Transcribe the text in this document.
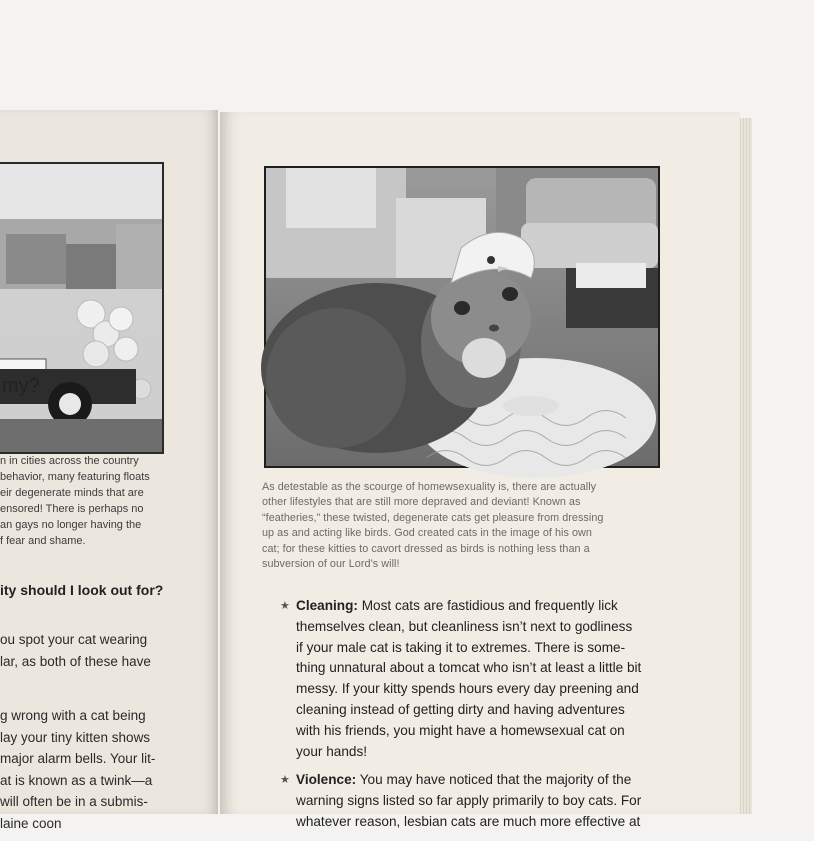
my?
n in cities across the country
behavior, many featuring floats
eir degenerate minds that are
ensored! There is perhaps no
an gays no longer having the
f fear and shame.
ity should I look out for?
ou spot your cat wearing
lar, as both of these have
g wrong with a cat being
lay your tiny kitten shows
major alarm bells. Your lit-
at is known as a twink—a
will often be in a submis-
laine coon
As detestable as the scourge of homewsexuality is, there are actually
other lifestyles that are still more depraved and deviant! Known as
“featheries,” these twisted, degenerate cats get pleasure from dressing
up as and acting like birds. God created cats in the image of his own
cat; for these kitties to cavort dressed as birds is nothing less than a
subversion of our Lord’s will!
★ Cleaning: Most cats are fastidious and frequently lick
themselves clean, but cleanliness isn’t next to godliness
if your male cat is taking it to extremes. There is some-
thing unnatural about a tomcat who isn’t at least a little bit
messy. If your kitty spends hours every day preening and
cleaning instead of getting dirty and having adventures
with his friends, you might have a homewsexual cat on
your hands!
★ Violence: You may have noticed that the majority of the
warning signs listed so far apply primarily to boy cats. For
whatever reason, lesbian cats are much more effective at
